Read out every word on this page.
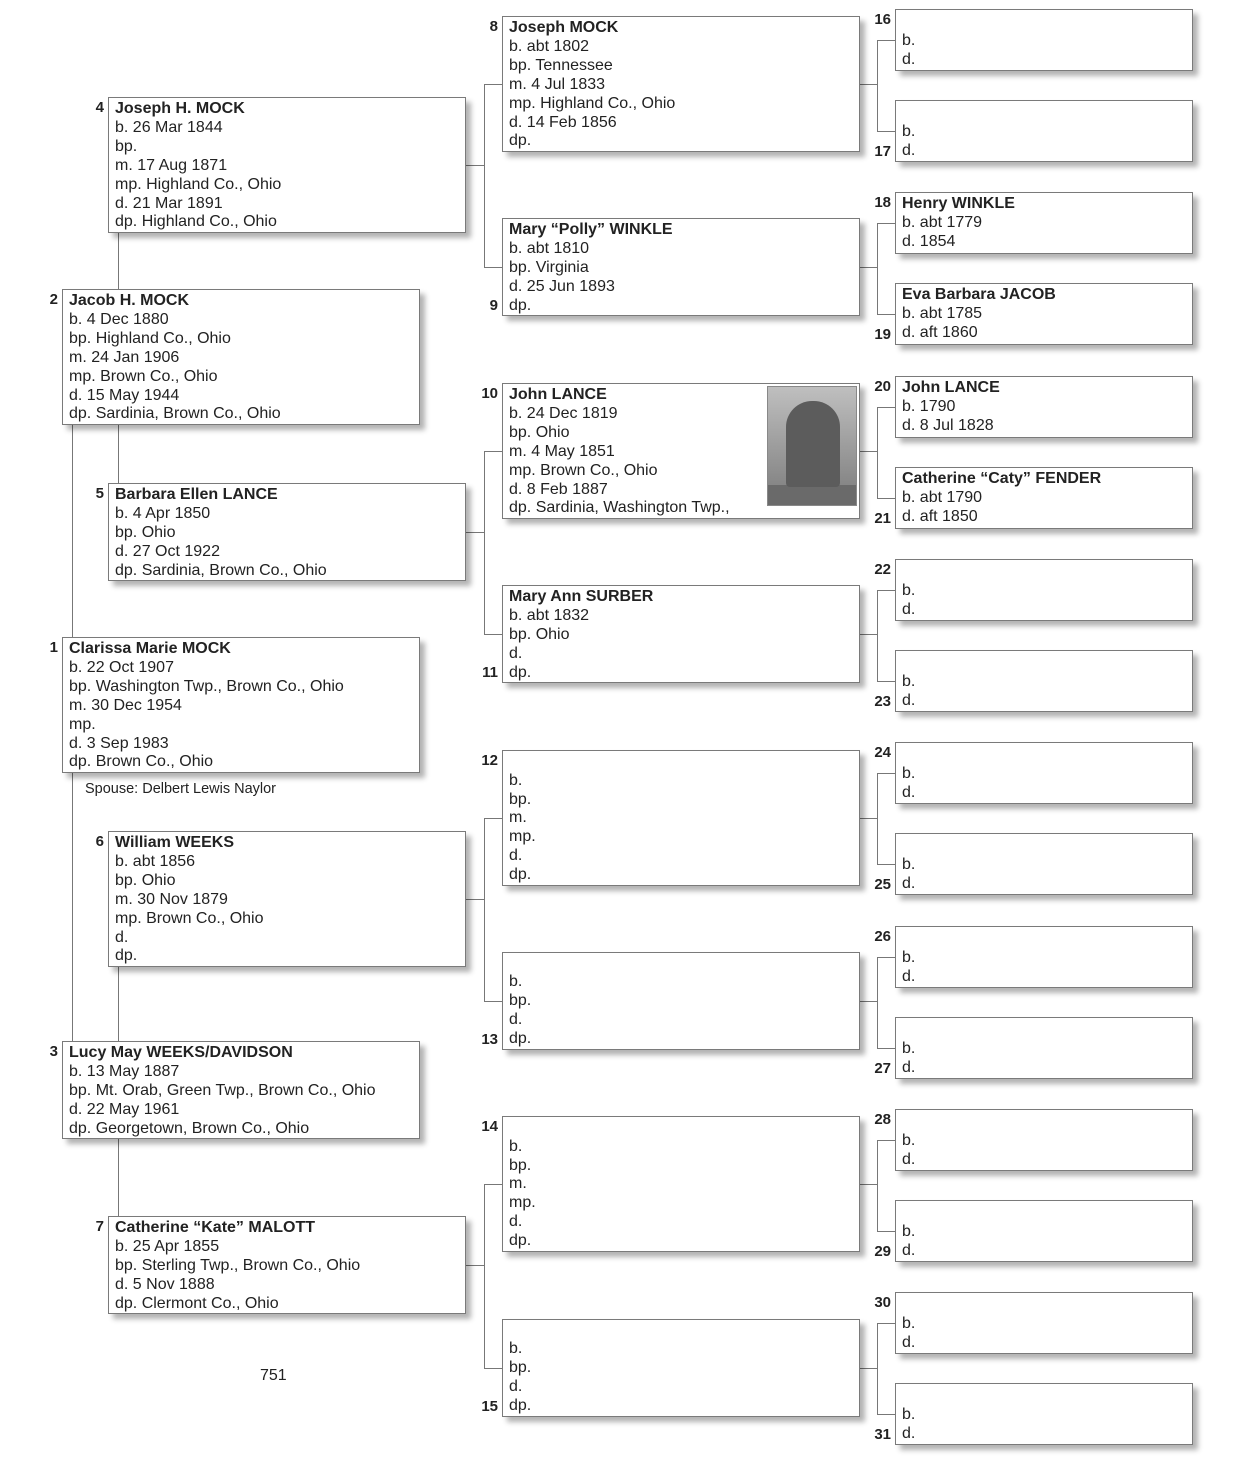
Clarissa Marie MOCK
b. 22 Oct 1907
bp. Washington Twp., Brown Co., Ohio
m. 30 Dec 1954
mp.
d. 3 Sep 1983
dp. Brown Co., Ohio
1
Jacob H. MOCK
b. 4 Dec 1880
bp. Highland Co., Ohio
m. 24 Jan 1906
mp. Brown Co., Ohio
d. 15 May 1944
dp. Sardinia, Brown Co., Ohio
2
Lucy May WEEKS/DAVIDSON
b. 13 May 1887
bp. Mt. Orab, Green Twp., Brown Co., Ohio
d. 22 May 1961
dp. Georgetown, Brown Co., Ohio
3
Joseph H. MOCK
b. 26 Mar 1844
bp.
m. 17 Aug 1871
mp. Highland Co., Ohio
d. 21 Mar 1891
dp. Highland Co., Ohio
4
Barbara Ellen LANCE
b. 4 Apr 1850
bp. Ohio
d. 27 Oct 1922
dp. Sardinia, Brown Co., Ohio
5
William WEEKS
b. abt 1856
bp. Ohio
m. 30 Nov 1879
mp. Brown Co., Ohio
d.
dp.
6
Catherine “Kate” MALOTT
b. 25 Apr 1855
bp. Sterling Twp., Brown Co., Ohio
d. 5 Nov 1888
dp. Clermont Co., Ohio
7
Joseph MOCK
b. abt 1802
bp. Tennessee
m. 4 Jul 1833
mp. Highland Co., Ohio
d. 14 Feb 1856
dp.
8
Mary “Polly” WINKLE
b. abt 1810
bp. Virginia
d. 25 Jun 1893
dp.
9
John LANCE
b. 24 Dec 1819
bp. Ohio
m. 4 May 1851
mp. Brown Co., Ohio
d. 8 Feb 1887
dp. Sardinia, Washington Twp.,
10
Mary Ann SURBER
b. abt 1832
bp. Ohio
d.
dp.
11
b.
bp.
m.
mp.
d.
dp.
12
b.
bp.
d.
dp.
13
b.
bp.
m.
mp.
d.
dp.
14
b.
bp.
d.
dp.
15
b.
d.
16
b.
d.
17
Henry WINKLE
b. abt 1779
d. 1854
18
Eva Barbara JACOB
b. abt 1785
d. aft 1860
19
John LANCE
b. 1790
d. 8 Jul 1828
20
Catherine “Caty” FENDER
b. abt 1790
d. aft 1850
21
b.
d.
22
b.
d.
23
b.
d.
24
b.
d.
25
b.
d.
26
b.
d.
27
b.
d.
28
b.
d.
29
b.
d.
30
b.
d.
31
Spouse: Delbert Lewis Naylor
751
